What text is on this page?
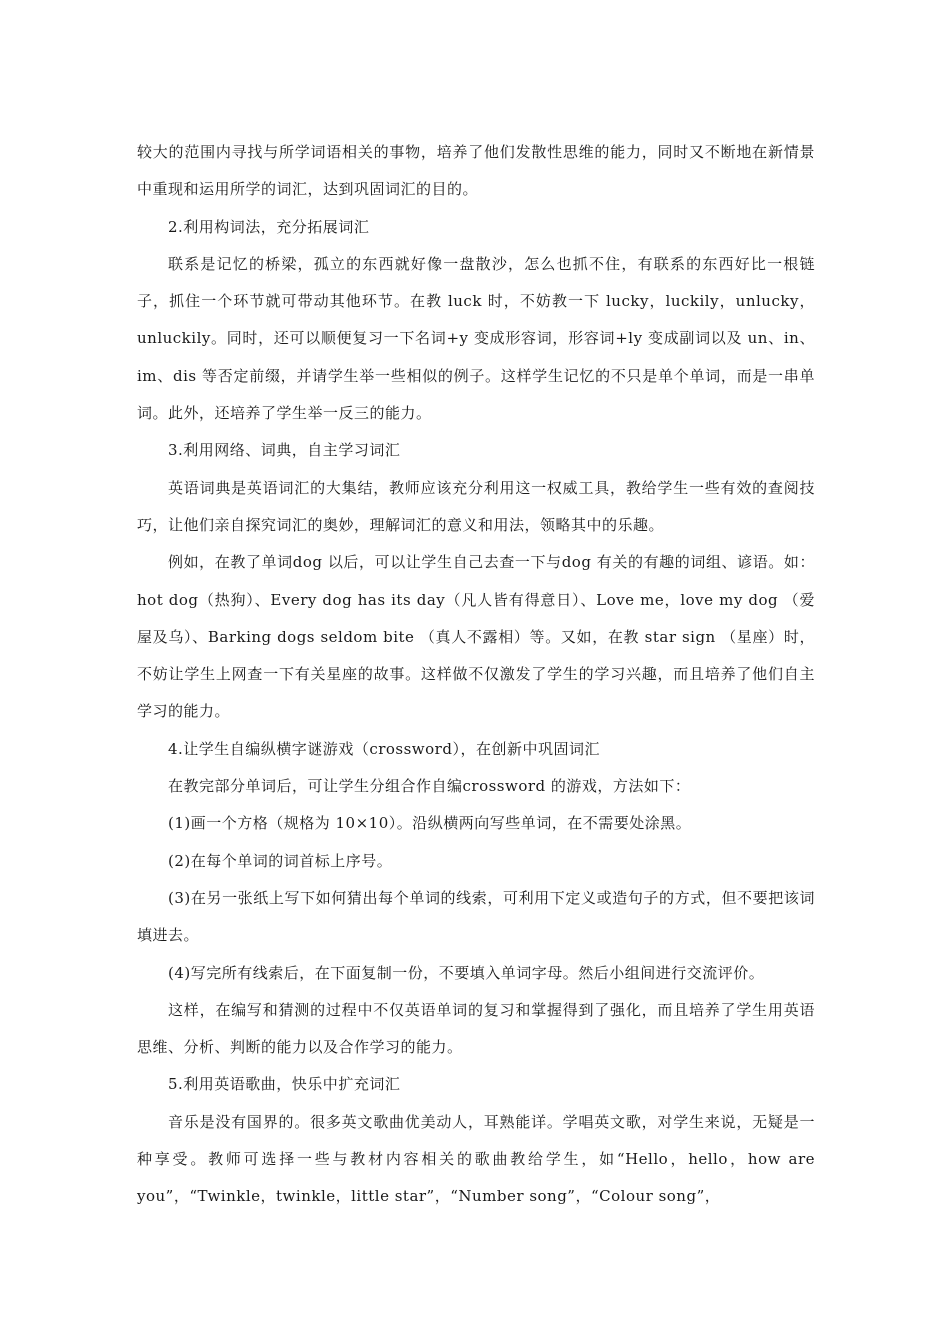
较大的范围内寻找与所学词语相关的事物，培养了他们发散性思维的能力，同时又不断地在新情景中重现和运用所学的词汇，达到巩固词汇的目的。

2.利用构词法，充分拓展词汇

联系是记忆的桥梁，孤立的东西就好像一盘散沙，怎么也抓不住，有联系的东西好比一根链子，抓住一个环节就可带动其他环节。在教 luck 时，不妨教一下 lucky，luckily，unlucky，unluckily。同时，还可以顺便复习一下名词+y 变成形容词，形容词+ly 变成副词以及 un、in、im、dis 等否定前缀，并请学生举一些相似的例子。这样学生记忆的不只是单个单词，而是一串单词。此外，还培养了学生举一反三的能力。

3.利用网络、词典，自主学习词汇

英语词典是英语词汇的大集结，教师应该充分利用这一权威工具，教给学生一些有效的查阅技巧，让他们亲自探究词汇的奥妙，理解词汇的意义和用法，领略其中的乐趣。

例如，在教了单词dog 以后，可以让学生自己去查一下与dog 有关的有趣的词组、谚语。如：hot dog（热狗）、Every dog has its day（凡人皆有得意日）、Love me，love my dog （爱屋及乌）、Barking dogs seldom bite （真人不露相）等。又如，在教 star sign （星座）时，不妨让学生上网查一下有关星座的故事。这样做不仅激发了学生的学习兴趣，而且培养了他们自主学习的能力。

4.让学生自编纵横字谜游戏（crossword），在创新中巩固词汇

在教完部分单词后，可让学生分组合作自编crossword 的游戏，方法如下：

(1)画一个方格（规格为 10×10）。沿纵横两向写些单词，在不需要处涂黑。

(2)在每个单词的词首标上序号。

(3)在另一张纸上写下如何猜出每个单词的线索，可利用下定义或造句子的方式，但不要把该词填进去。

(4)写完所有线索后，在下面复制一份，不要填入单词字母。然后小组间进行交流评价。

这样，在编写和猜测的过程中不仅英语单词的复习和掌握得到了强化，而且培养了学生用英语思维、分析、判断的能力以及合作学习的能力。

5.利用英语歌曲，快乐中扩充词汇

音乐是没有国界的。很多英文歌曲优美动人，耳熟能详。学唱英文歌，对学生来说，无疑是一种享受。教师可选择一些与教材内容相关的歌曲教给学生，如“Hello，hello，how are you”，“Twinkle，twinkle，little star”，“Number song”，“Colour song”，
